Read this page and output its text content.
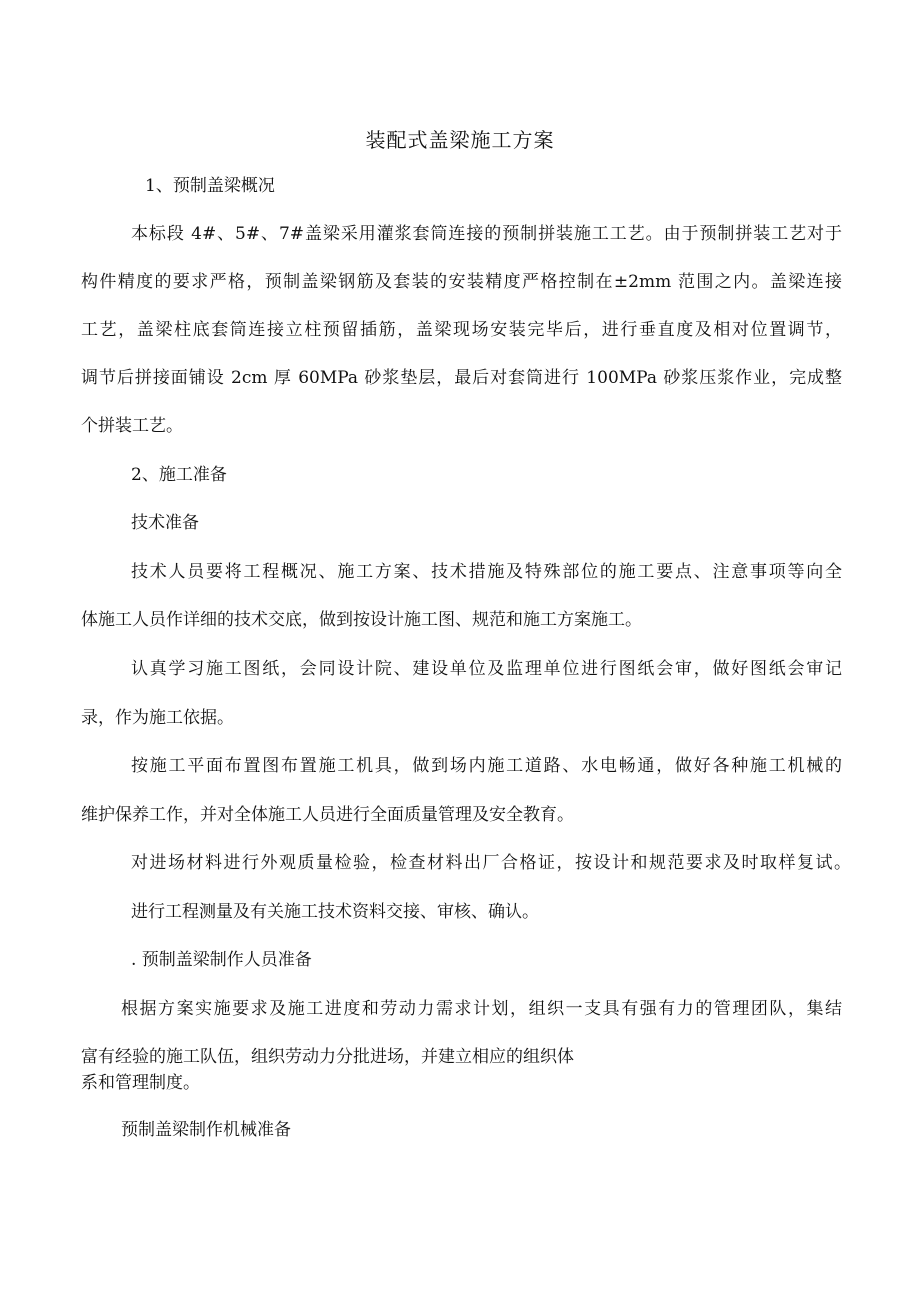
装配式盖梁施工方案
1、预制盖梁概况
本标段 4#、5#、7#盖梁采用灌浆套筒连接的预制拼装施工工艺。由于预制拼装工艺对于
构件精度的要求严格，预制盖梁钢筋及套装的安装精度严格控制在±2mm 范围之内。盖梁连接
工艺，盖梁柱底套筒连接立柱预留插筋，盖梁现场安装完毕后，进行垂直度及相对位置调节，
调节后拼接面铺设 2cm 厚 60MPa 砂浆垫层，最后对套筒进行 100MPa 砂浆压浆作业，完成整
个拼装工艺。
2、施工准备
技术准备
技术人员要将工程概况、施工方案、技术措施及特殊部位的施工要点、注意事项等向全
体施工人员作详细的技术交底，做到按设计施工图、规范和施工方案施工。
认真学习施工图纸，会同设计院、建设单位及监理单位进行图纸会审，做好图纸会审记
录，作为施工依据。
按施工平面布置图布置施工机具，做到场内施工道路、水电畅通，做好各种施工机械的
维护保养工作，并对全体施工人员进行全面质量管理及安全教育。
对进场材料进行外观质量检验，检查材料出厂合格证，按设计和规范要求及时取样复试。
进行工程测量及有关施工技术资料交接、审核、确认。
. 预制盖梁制作人员准备
根据方案实施要求及施工进度和劳动力需求计划，组织一支具有强有力的管理团队，集结
富有经验的施工队伍，组织劳动力分批进场，并建立相应的组织体
系和管理制度。
预制盖梁制作机械准备
